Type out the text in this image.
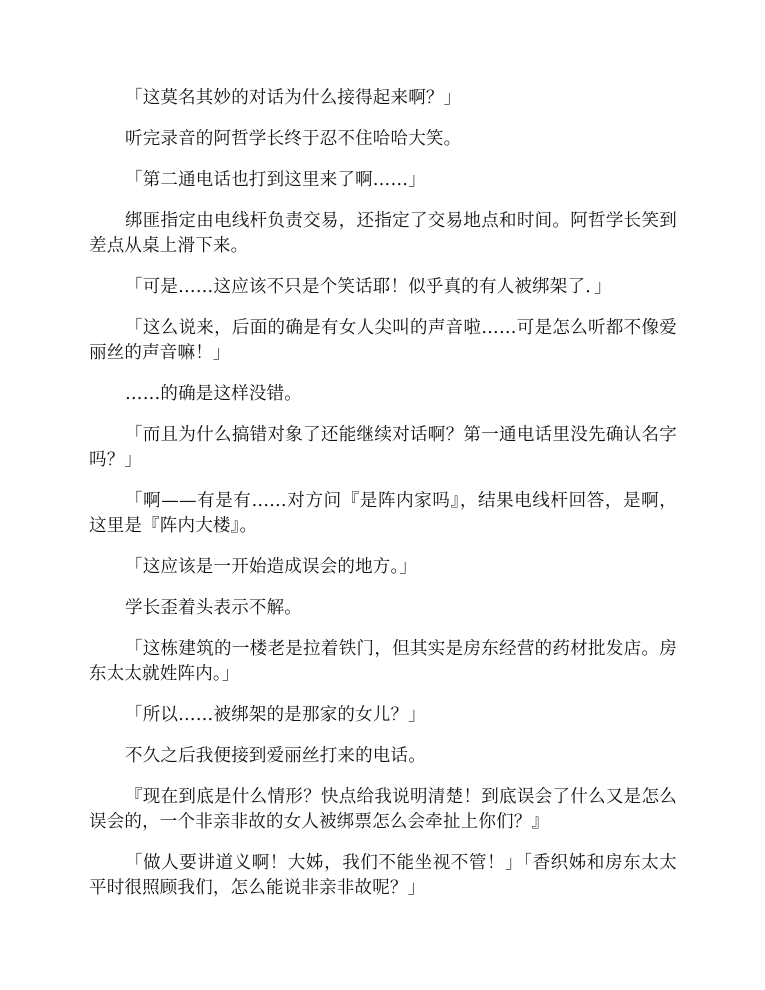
「这莫名其妙的对话为什么接得起来啊？」

听完录音的阿哲学长终于忍不住哈哈大笑。

「第二通电话也打到这里来了啊……」

绑匪指定由电线杆负责交易，还指定了交易地点和时间。阿哲学长笑到差点从桌上滑下来。

「可是……这应该不只是个笑话耶！似乎真的有人被绑架了．」

「这么说来，后面的确是有女人尖叫的声音啦……可是怎么听都不像爱丽丝的声音嘛！」

……的确是这样没错。

「而且为什么搞错对象了还能继续对话啊？第一通电话里没先确认名字吗？」

「啊——有是有……对方问『是阵内家吗』，结果电线杆回答，是啊，这里是『阵内大楼』。

「这应该是一开始造成误会的地方。」

学长歪着头表示不解。

「这栋建筑的一楼老是拉着铁门，但其实是房东经营的药材批发店。房东太太就姓阵内。」

「所以……被绑架的是那家的女儿？」

不久之后我便接到爱丽丝打来的电话。

『现在到底是什么情形？快点给我说明清楚！到底误会了什么又是怎么误会的，一个非亲非故的女人被绑票怎么会牵扯上你们？』

「做人要讲道义啊！大姊，我们不能坐视不管！」「香织姊和房东太太平时很照顾我们，怎么能说非亲非故呢？」
